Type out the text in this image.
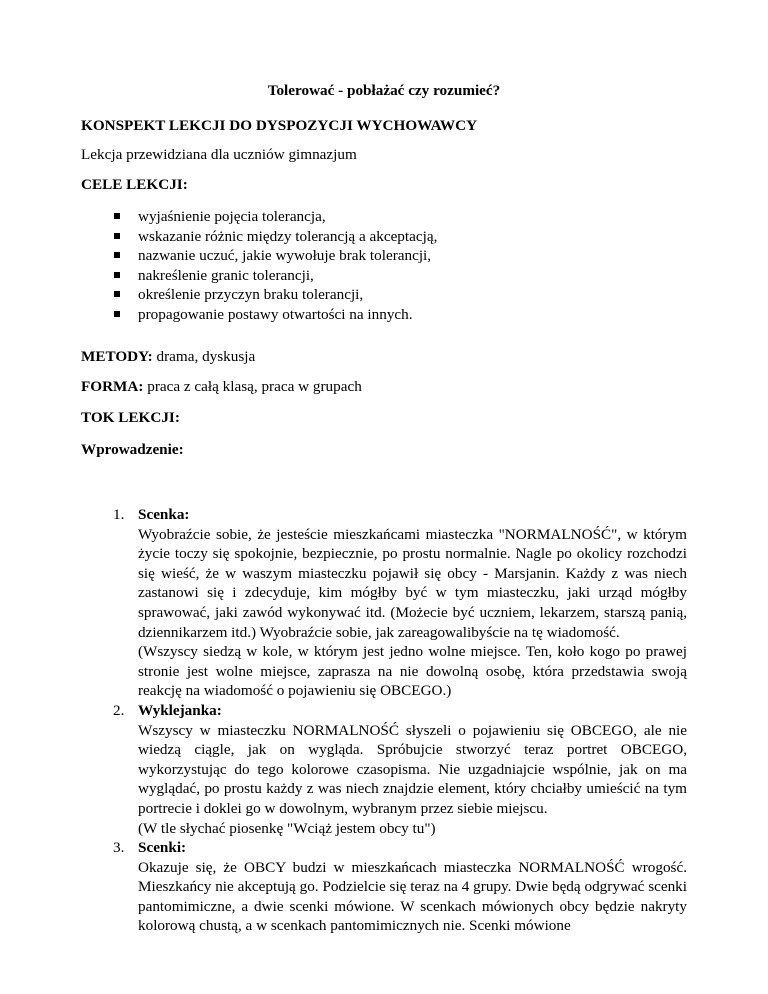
Tolerować - pobłażać czy rozumieć?
KONSPEKT LEKCJI DO DYSPOZYCJI WYCHOWAWCY
Lekcja przewidziana dla uczniów gimnazjum
CELE LEKCJI:
wyjaśnienie pojęcia tolerancja,
wskazanie różnic między tolerancją a akceptacją,
nazwanie uczuć, jakie wywołuje brak tolerancji,
nakreślenie granic tolerancji,
określenie przyczyn braku tolerancji,
propagowanie postawy otwartości na innych.
METODY: drama, dyskusja
FORMA: praca z całą klasą, praca w grupach
TOK LEKCJI:
Wprowadzenie:
1. Scenka:
Wyobraźcie sobie, że jesteście mieszkańcami miasteczka "NORMALNOŚĆ", w którym życie toczy się spokojnie, bezpiecznie, po prostu normalnie. Nagle po okolicy rozchodzi się wieść, że w waszym miasteczku pojawił się obcy - Marsjanin. Każdy z was niech zastanowi się i zdecyduje, kim mógłby być w tym miasteczku, jaki urząd mógłby sprawować, jaki zawód wykonywać itd. (Możecie być uczniem, lekarzem, starszą panią, dziennikarzem itd.) Wyobraźcie sobie, jak zareagowalibyście na tę wiadomość.
(Wszyscy siedzą w kole, w którym jest jedno wolne miejsce. Ten, koło kogo po prawej stronie jest wolne miejsce, zaprasza na nie dowolną osobę, która przedstawia swoją reakcję na wiadomość o pojawieniu się OBCEGO.)
2. Wyklejanka:
Wszyscy w miasteczku NORMALNOŚĆ słyszeli o pojawieniu się OBCEGO, ale nie wiedzą ciągle, jak on wygląda. Spróbujcie stworzyć teraz portret OBCEGO, wykorzystując do tego kolorowe czasopisma. Nie uzgadniajcie wspólnie, jak on ma wyglądać, po prostu każdy z was niech znajdzie element, który chciałby umieścić na tym portrecie i doklei go w dowolnym, wybranym przez siebie miejscu.
(W tle słychać piosenkę "Wciąż jestem obcy tu")
3. Scenki:
Okazuje się, że OBCY budzi w mieszkańcach miasteczka NORMALNOŚĆ wrogość. Mieszkańcy nie akceptują go. Podzielcie się teraz na 4 grupy. Dwie będą odgrywać scenki pantomimiczne, a dwie scenki mówione. W scenkach mówionych obcy będzie nakryty kolorową chustą, a w scenkach pantomimicznych nie. Scenki mówione
